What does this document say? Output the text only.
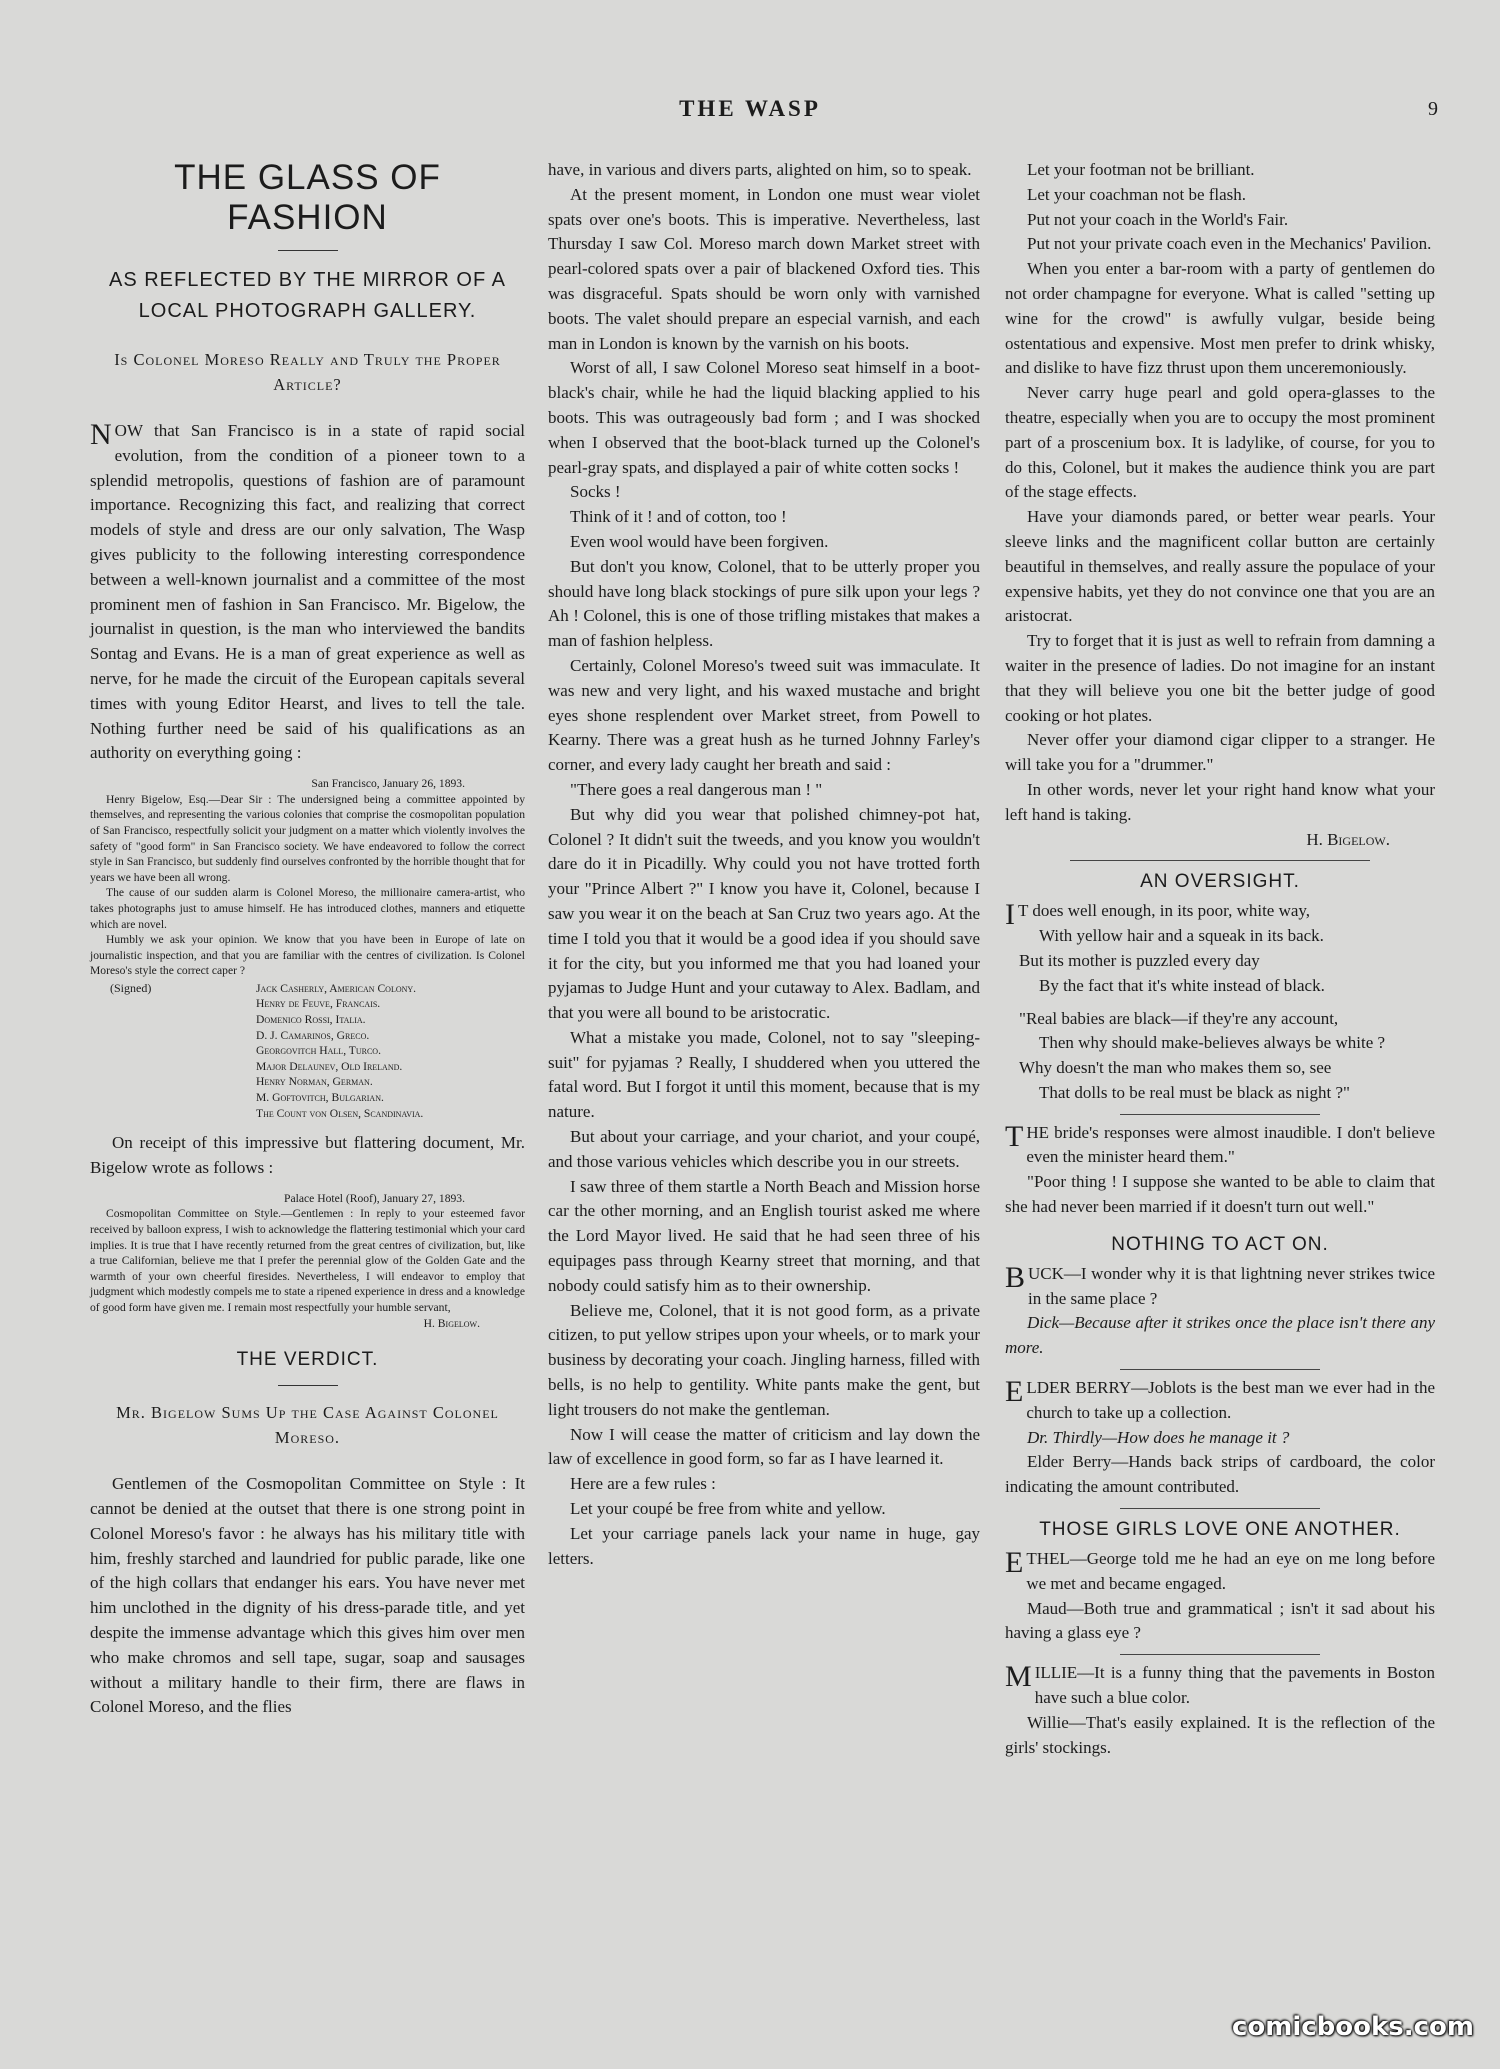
THE WASP	9
THE GLASS OF FASHION
AS REFLECTED BY THE MIRROR OF A LOCAL PHOTOGRAPH GALLERY.
Is Colonel Moreso Really and Truly the Proper Article?

NOW that San Francisco is in a state of rapid social evolution, from the condition of a pioneer town to a splendid metropolis, questions of fashion are of paramount importance. Recognizing this fact, and realizing that correct models of style and dress are our only salvation, The Wasp gives publicity to the following interesting correspondence between a well-known journalist and a committee of the most prominent men of fashion in San Francisco. Mr. Bigelow, the journalist in question, is the man who interviewed the bandits Sontag and Evans. He is a man of great experience as well as nerve, for he made the circuit of the European capitals several times with young Editor Hearst, and lives to tell the tale. Nothing further need be said of his qualifications as an authority on everything going :

San Francisco, January 26, 1893.

Henry Bigelow, Esq.—Dear Sir : The undersigned being a committee appointed by themselves, and representing the various colonies that comprise the cosmopolitan population of San Francisco, respectfully solicit your judgment on a matter which violently involves the safety of "good form" in San Francisco society. We have endeavored to follow the correct style in San Francisco, but suddenly find ourselves confronted by the horrible thought that for years we have been all wrong.

The cause of our sudden alarm is Colonel Moreso, the millionaire camera-artist, who takes photographs just to amuse himself. He has introduced clothes, manners and etiquette which are novel.

Humbly we ask your opinion. We know that you have been in Europe of late on journalistic inspection, and that you are familiar with the centres of civilization. Is Colonel Moreso's style the correct caper ?

(Signed)	Jack Casherly, American Colony.
Henry de Feuve, Francais.
Domenico Rossi, Italia.
D. J. Camarinos, Greco.
Georgovitch Hall, Turco.
Major Delaunev, Old Ireland.
Henry Norman, German.
M. Goftovitch, Bulgarian.
The Count von Olsen, Scandinavia.

On receipt of this impressive but flattering document, Mr. Bigelow wrote as follows :

Palace Hotel (Roof), January 27, 1893.

Cosmopolitan Committee on Style.—Gentlemen : In reply to your esteemed favor received by balloon express, I wish to acknowledge the flattering testimonial which your card implies. It is true that I have recently returned from the great centres of civilization, but, like a true Californian, believe me that I prefer the perennial glow of the Golden Gate and the warmth of your own cheerful firesides. Nevertheless, I will endeavor to employ that judgment which modestly compels me to state a ripened experience in dress and a knowledge of good form have given me. I remain most respectfully your humble servant,

H. Bigelow.
THE VERDICT.
Mr. Bigelow Sums Up the Case Against Colonel Moreso.

Gentlemen of the Cosmopolitan Committee on Style : It cannot be denied at the outset that there is one strong point in Colonel Moreso's favor : he always has his military title with him, freshly starched and laundried for public parade, like one of the high collars that endanger his ears. You have never met him unclothed in the dignity of his dress-parade title, and yet despite the immense advantage which this gives him over men who make chromos and sell tape, sugar, soap and sausages without a military handle to their firm, there are flaws in Colonel Moreso, and the flies

have, in various and divers parts, alighted on him, so to speak.

At the present moment, in London one must wear violet spats over one's boots. This is imperative. Nevertheless, last Thursday I saw Col. Moreso march down Market street with pearl-colored spats over a pair of blackened Oxford ties. This was disgraceful. Spats should be worn only with varnished boots. The valet should prepare an especial varnish, and each man in London is known by the varnish on his boots.

Worst of all, I saw Colonel Moreso seat himself in a boot-black's chair, while he had the liquid blacking applied to his boots. This was outrageously bad form ; and I was shocked when I observed that the boot-black turned up the Colonel's pearl-gray spats, and displayed a pair of white cotten socks !

Socks !

Think of it ! and of cotton, too !

Even wool would have been forgiven.

But don't you know, Colonel, that to be utterly proper you should have long black stockings of pure silk upon your legs ? Ah ! Colonel, this is one of those trifling mistakes that makes a man of fashion helpless.

Certainly, Colonel Moreso's tweed suit was immaculate. It was new and very light, and his waxed mustache and bright eyes shone resplendent over Market street, from Powell to Kearny. There was a great hush as he turned Johnny Farley's corner, and every lady caught her breath and said :

"There goes a real dangerous man ! "

But why did you wear that polished chimney-pot hat, Colonel ? It didn't suit the tweeds, and you know you wouldn't dare do it in Picadilly. Why could you not have trotted forth your "Prince Albert ?" I know you have it, Colonel, because I saw you wear it on the beach at San Cruz two years ago. At the time I told you that it would be a good idea if you should save it for the city, but you informed me that you had loaned your pyjamas to Judge Hunt and your cutaway to Alex. Badlam, and that you were all bound to be aristocratic.

What a mistake you made, Colonel, not to say "sleeping-suit" for pyjamas ? Really, I shuddered when you uttered the fatal word. But I forgot it until this moment, because that is my nature.

But about your carriage, and your chariot, and your coupé, and those various vehicles which describe you in our streets.

I saw three of them startle a North Beach and Mission horse car the other morning, and an English tourist asked me where the Lord Mayor lived. He said that he had seen three of his equipages pass through Kearny street that morning, and that nobody could satisfy him as to their ownership.

Believe me, Colonel, that it is not good form, as a private citizen, to put yellow stripes upon your wheels, or to mark your business by decorating your coach. Jingling harness, filled with bells, is no help to gentility. White pants make the gent, but light trousers do not make the gentleman.

Now I will cease the matter of criticism and lay down the law of excellence in good form, so far as I have learned it.

Here are a few rules :

Let your coupé be free from white and yellow.

Let your carriage panels lack your name in huge, gay letters.

Let your footman not be brilliant.

Let your coachman not be flash.

Put not your coach in the World's Fair.

Put not your private coach even in the Mechanics' Pavilion.

When you enter a bar-room with a party of gentlemen do not order champagne for everyone. What is called "setting up wine for the crowd" is awfully vulgar, beside being ostentatious and expensive. Most men prefer to drink whisky, and dislike to have fizz thrust upon them unceremoniously.

Never carry huge pearl and gold opera-glasses to the theatre, especially when you are to occupy the most prominent part of a proscenium box. It is ladylike, of course, for you to do this, Colonel, but it makes the audience think you are part of the stage effects.

Have your diamonds pared, or better wear pearls. Your sleeve links and the magnificent collar button are certainly beautiful in themselves, and really assure the populace of your expensive habits, yet they do not convince one that you are an aristocrat.

Try to forget that it is just as well to refrain from damning a waiter in the presence of ladies. Do not imagine for an instant that they will believe you one bit the better judge of good cooking or hot plates.

Never offer your diamond cigar clipper to a stranger. He will take you for a "drummer."

In other words, never let your right hand know what your left hand is taking.

H. Bigelow.
AN OVERSIGHT.

I T does well enough, in its poor, white way,

With yellow hair and a squeak in its back.

But its mother is puzzled every day

By the fact that it's white instead of black.

"Real babies are black—if they're any account,

Then why should make-believes always be white ?

Why doesn't the man who makes them so, see

That dolls to be real must be black as night ?"

THE bride's responses were almost inaudible. I don't believe even the minister heard them."

"Poor thing ! I suppose she wanted to be able to claim that she had never been married if it doesn't turn out well."

NOTHING TO ACT ON.

BUCK—I wonder why it is that lightning never strikes twice in the same place ?

Dick—Because after it strikes once the place isn't there any more.

ELDER BERRY—Joblots is the best man we ever had in the church to take up a collection.

Dr. Thirdly—How does he manage it ?

Elder Berry—Hands back strips of cardboard, the color indicating the amount contributed.

THOSE GIRLS LOVE ONE ANOTHER.

ETHEL—George told me he had an eye on me long before we met and became engaged.

Maud—Both true and grammatical ; isn't it sad about his having a glass eye ?

MILLIE—It is a funny thing that the pavements in Boston have such a blue color.

Willie—That's easily explained. It is the reflection of the girls' stockings.

comicbooks.com
